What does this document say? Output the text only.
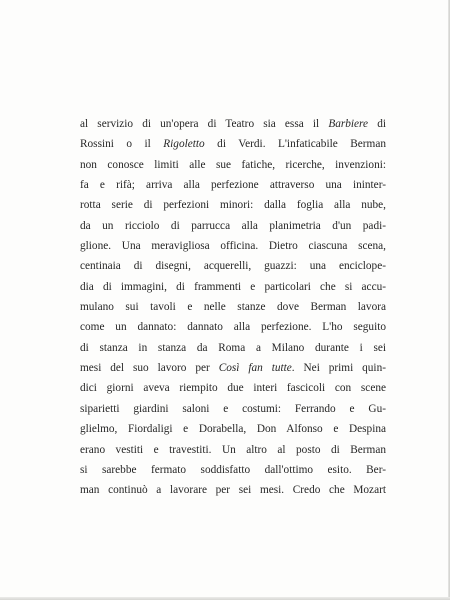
al servizio di un'opera di Teatro sia essa il Barbiere di
Rossini o il Rigoletto di Verdi. L'infaticabile Berman
non conosce limiti alle sue fatiche, ricerche, invenzioni:
fa e rifà; arriva alla perfezione attraverso una ininter-
rotta serie di perfezioni minori: dalla foglia alla nube,
da un ricciolo di parrucca alla planimetria d'un padi-
glione. Una meravigliosa officina. Dietro ciascuna scena,
centinaia di disegni, acquerelli, guazzi: una enciclope-
dia di immagini, di frammenti e particolari che si accu-
mulano sui tavoli e nelle stanze dove Berman lavora
come un dannato: dannato alla perfezione. L'ho seguito
di stanza in stanza da Roma a Milano durante i sei
mesi del suo lavoro per Così fan tutte. Nei primi quin-
dici giorni aveva riempito due interi fascicoli con scene
siparietti giardini saloni e costumi: Ferrando e Gu-
glielmo, Fiordaligi e Dorabella, Don Alfonso e Despina
erano vestiti e travestiti. Un altro al posto di Berman
si sarebbe fermato soddisfatto dall'ottimo esito. Ber-
man continuò a lavorare per sei mesi. Credo che Mozart
